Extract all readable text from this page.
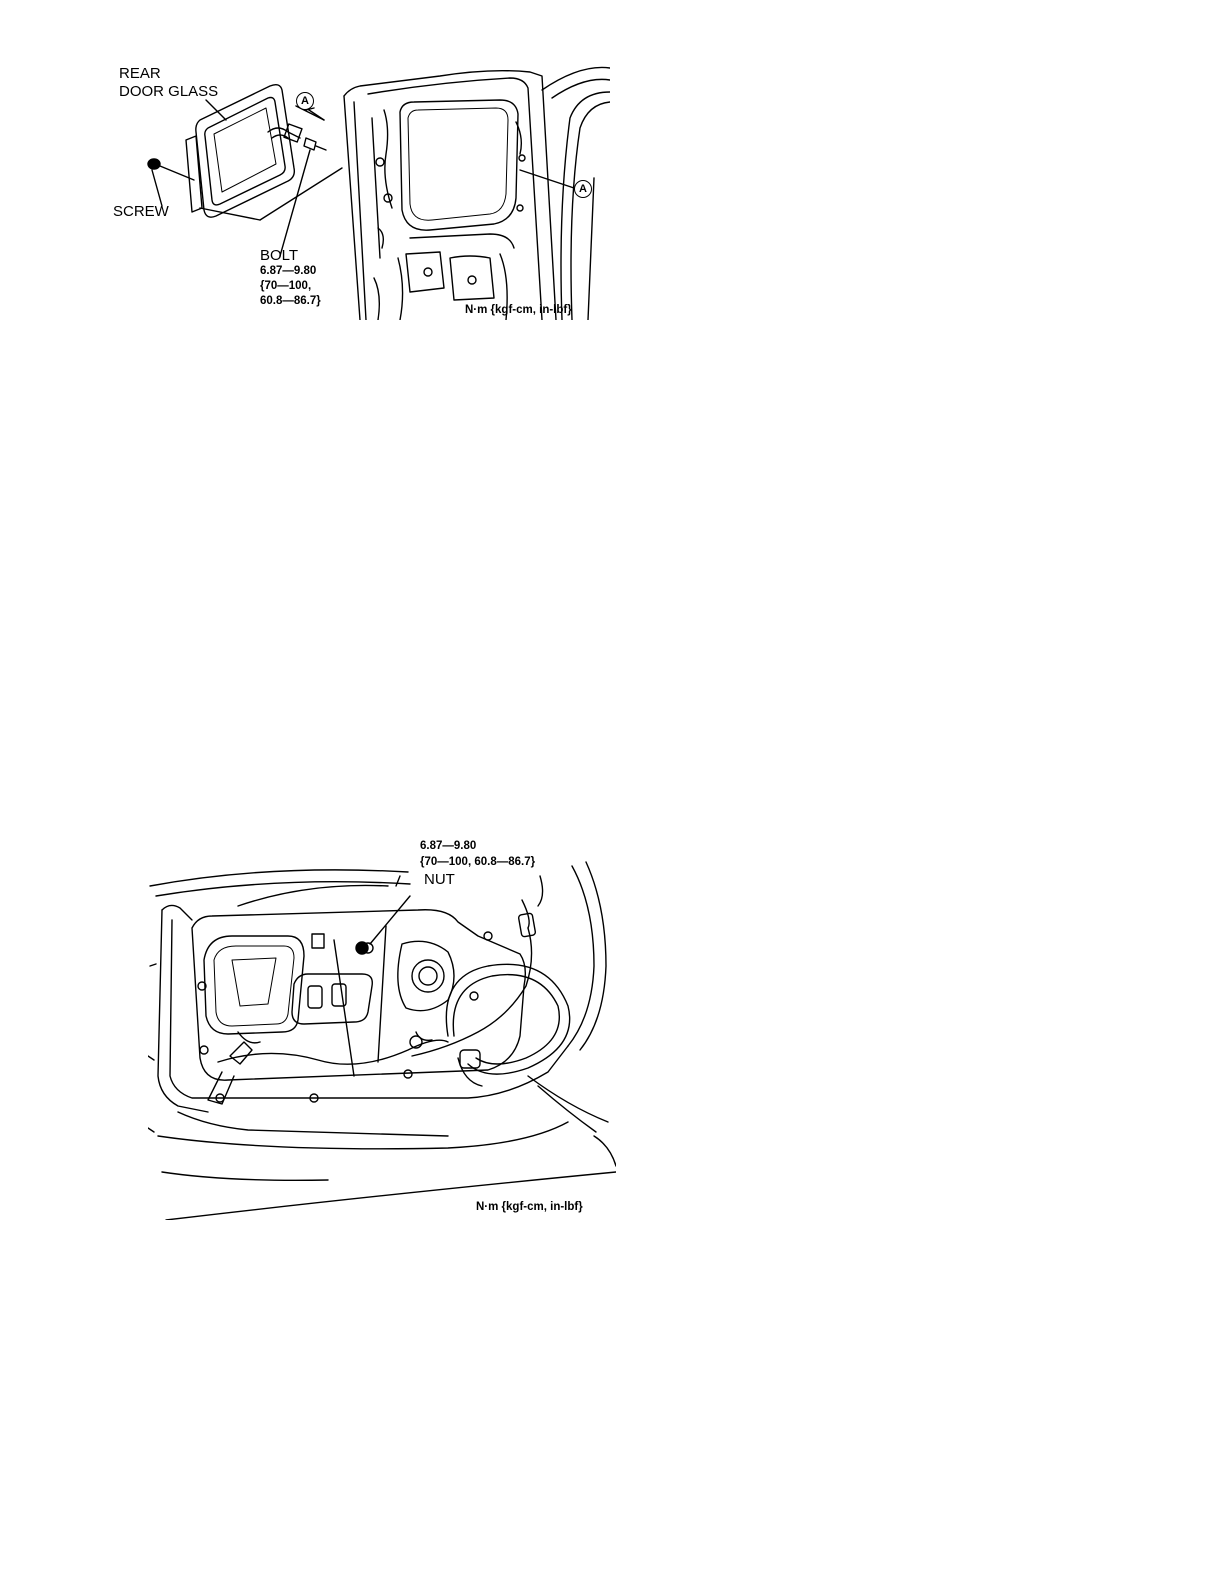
REAR
DOOR GLASS
A
A
SCREW
BOLT
6.87—9.80
{70—100,
60.8—86.7}
N·m {kgf-cm, in-lbf}
6.87—9.80
{70—100, 60.8—86.7}
NUT
N·m {kgf-cm, in-lbf}
